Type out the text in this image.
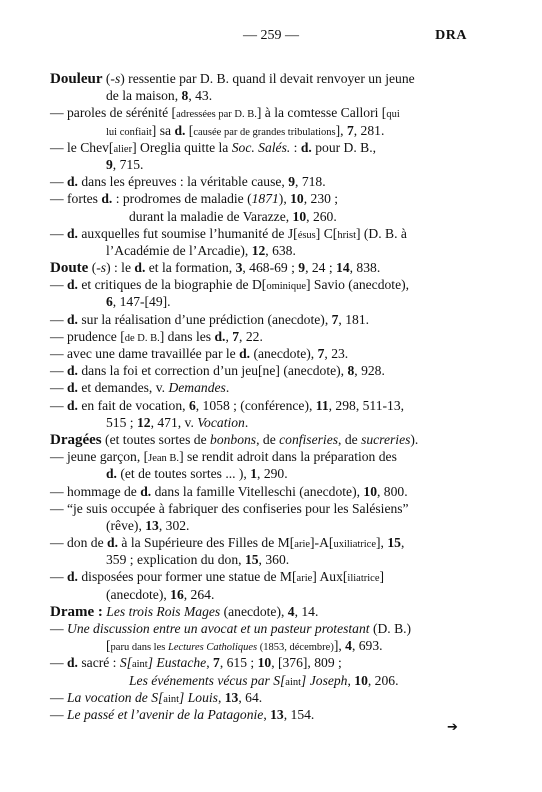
— 259 —	DRA
Douleur (-s) ressentie par D. B. quand il devait renvoyer un jeune
de la maison, 8, 43.
— paroles de sérénité [adressées par D. B.] à la comtesse Callori [qui
lui confiait] sa d. [causée par de grandes tribulations], 7, 281.
— le Chev[alier] Oreglia quitte la Soc. Salés. : d. pour D. B.,
9, 715.
— d. dans les épreuves : la véritable cause, 9, 718.
— fortes d. : prodromes de maladie (1871), 10, 230 ;
durant la maladie de Varazze, 10, 260.
— d. auxquelles fut soumise l’humanité de J[ésus] C[hrist] (D. B. à
l’Académie de l’Arcadie), 12, 638.
Doute (-s) : le d. et la formation, 3, 468-69 ; 9, 24 ; 14, 838.
— d. et critiques de la biographie de D[ominique] Savio (anecdote),
6, 147-[49].
— d. sur la réalisation d’une prédiction (anecdote), 7, 181.
— prudence [de D. B.] dans les d., 7, 22.
— avec une dame travaillée par le d. (anecdote), 7, 23.
— d. dans la foi et correction d’un jeu[ne] (anecdote), 8, 928.
— d. et demandes, v. Demandes.
— d. en fait de vocation, 6, 1058 ; (conférence), 11, 298, 511-13,
515 ; 12, 471, v. Vocation.
Dragées (et toutes sortes de bonbons, de confiseries, de sucreries).
— jeune garçon, [Jean B.] se rendit adroit dans la préparation des
d. (et de toutes sortes ... ), 1, 290.
— hommage de d. dans la famille Vitelleschi (anecdote), 10, 800.
— “je suis occupée à fabriquer des confiseries pour les Salésiens”
(rêve), 13, 302.
— don de d. à la Supérieure des Filles de M[arie]-A[uxiliatrice], 15,
359 ; explication du don, 15, 360.
— d. disposées pour former une statue de M[arie] Aux[iliatrice]
(anecdote), 16, 264.
Drame : Les trois Rois Mages (anecdote), 4, 14.
— Une discussion entre un avocat et un pasteur protestant (D. B.)
[paru dans les Lectures Catholiques (1853, décembre)], 4, 693.
— d. sacré : S[aint] Eustache, 7, 615 ; 10, [376], 809 ;
Les événements vécus par S[aint] Joseph, 10, 206.
— La vocation de S[aint] Louis, 13, 64.
— Le passé et l’avenir de la Patagonie, 13, 154.
➔
